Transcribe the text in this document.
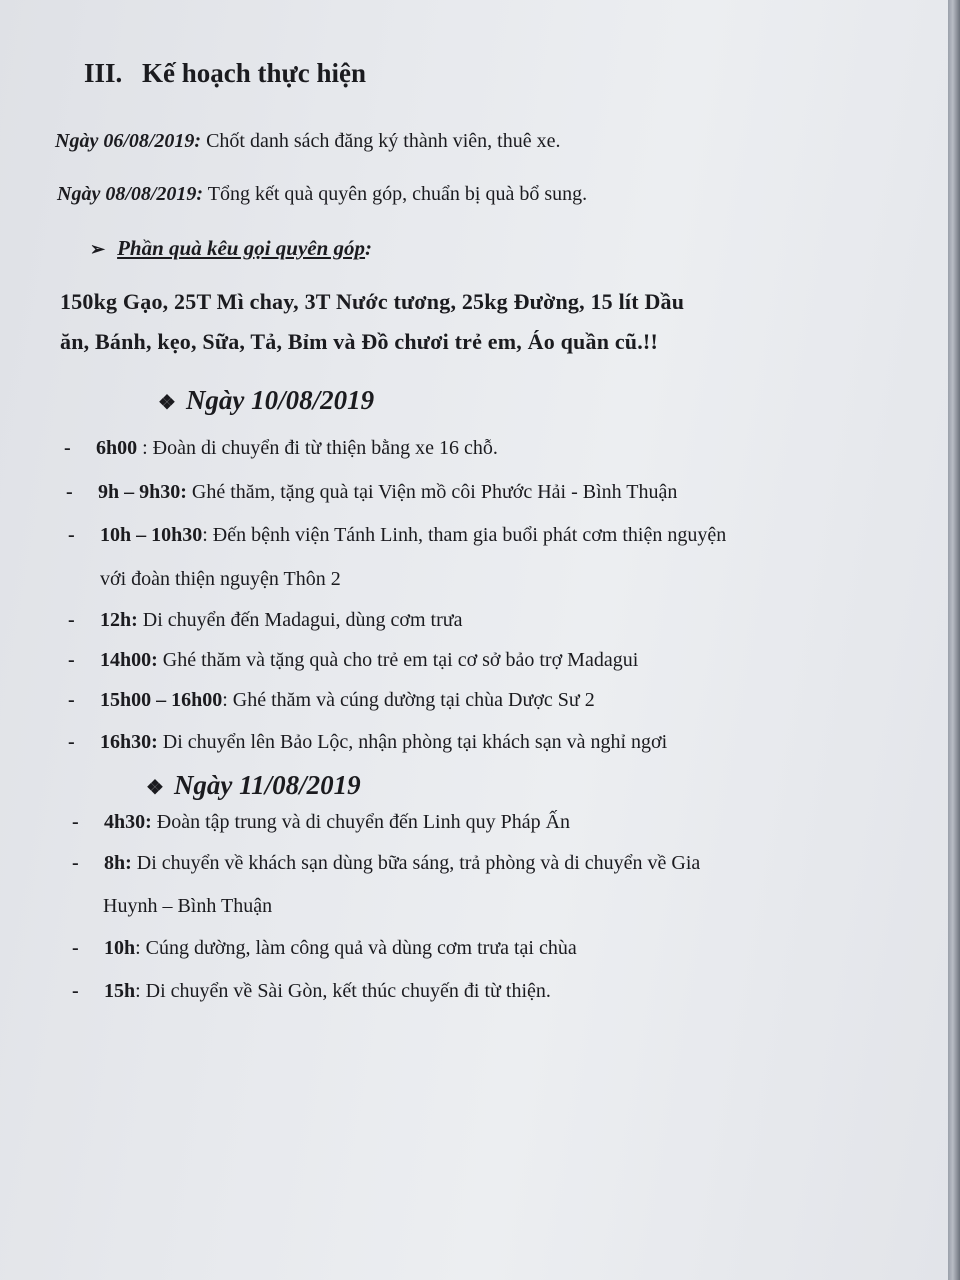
III. Kế hoạch thực hiện
Ngày 06/08/2019: Chốt danh sách đăng ký thành viên, thuê xe.
Ngày 08/08/2019: Tổng kết quà quyên góp, chuẩn bị quà bổ sung.
➢ Phần quà kêu gọi quyên góp:
150kg Gạo, 25T Mì chay, 3T Nước tương, 25kg Đường, 15 lít Dầu
ăn, Bánh, kẹo, Sữa, Tả, Bỉm và Đồ chươi trẻ em, Áo quần cũ.!!
❖ Ngày 10/08/2019
- 6h00 : Đoàn di chuyển đi từ thiện bằng xe 16 chỗ.
- 9h – 9h30: Ghé thăm, tặng quà tại Viện mồ côi Phước Hải - Bình Thuận
- 10h – 10h30: Đến bệnh viện Tánh Linh, tham gia buổi phát cơm thiện nguyện
với đoàn thiện nguyện Thôn 2
- 12h: Di chuyển đến Madagui, dùng cơm trưa
- 14h00: Ghé thăm và tặng quà cho trẻ em tại cơ sở bảo trợ Madagui
- 15h00 – 16h00: Ghé thăm và cúng dường tại chùa Dược Sư 2
- 16h30: Di chuyển lên Bảo Lộc, nhận phòng tại khách sạn và nghỉ ngơi
❖ Ngày 11/08/2019
- 4h30: Đoàn tập trung và di chuyển đến Linh quy Pháp Ấn
- 8h: Di chuyển về khách sạn dùng bữa sáng, trả phòng và di chuyển về Gia
Huynh – Bình Thuận
- 10h: Cúng dường, làm công quả và dùng cơm trưa tại chùa
- 15h: Di chuyển về Sài Gòn, kết thúc chuyến đi từ thiện.
